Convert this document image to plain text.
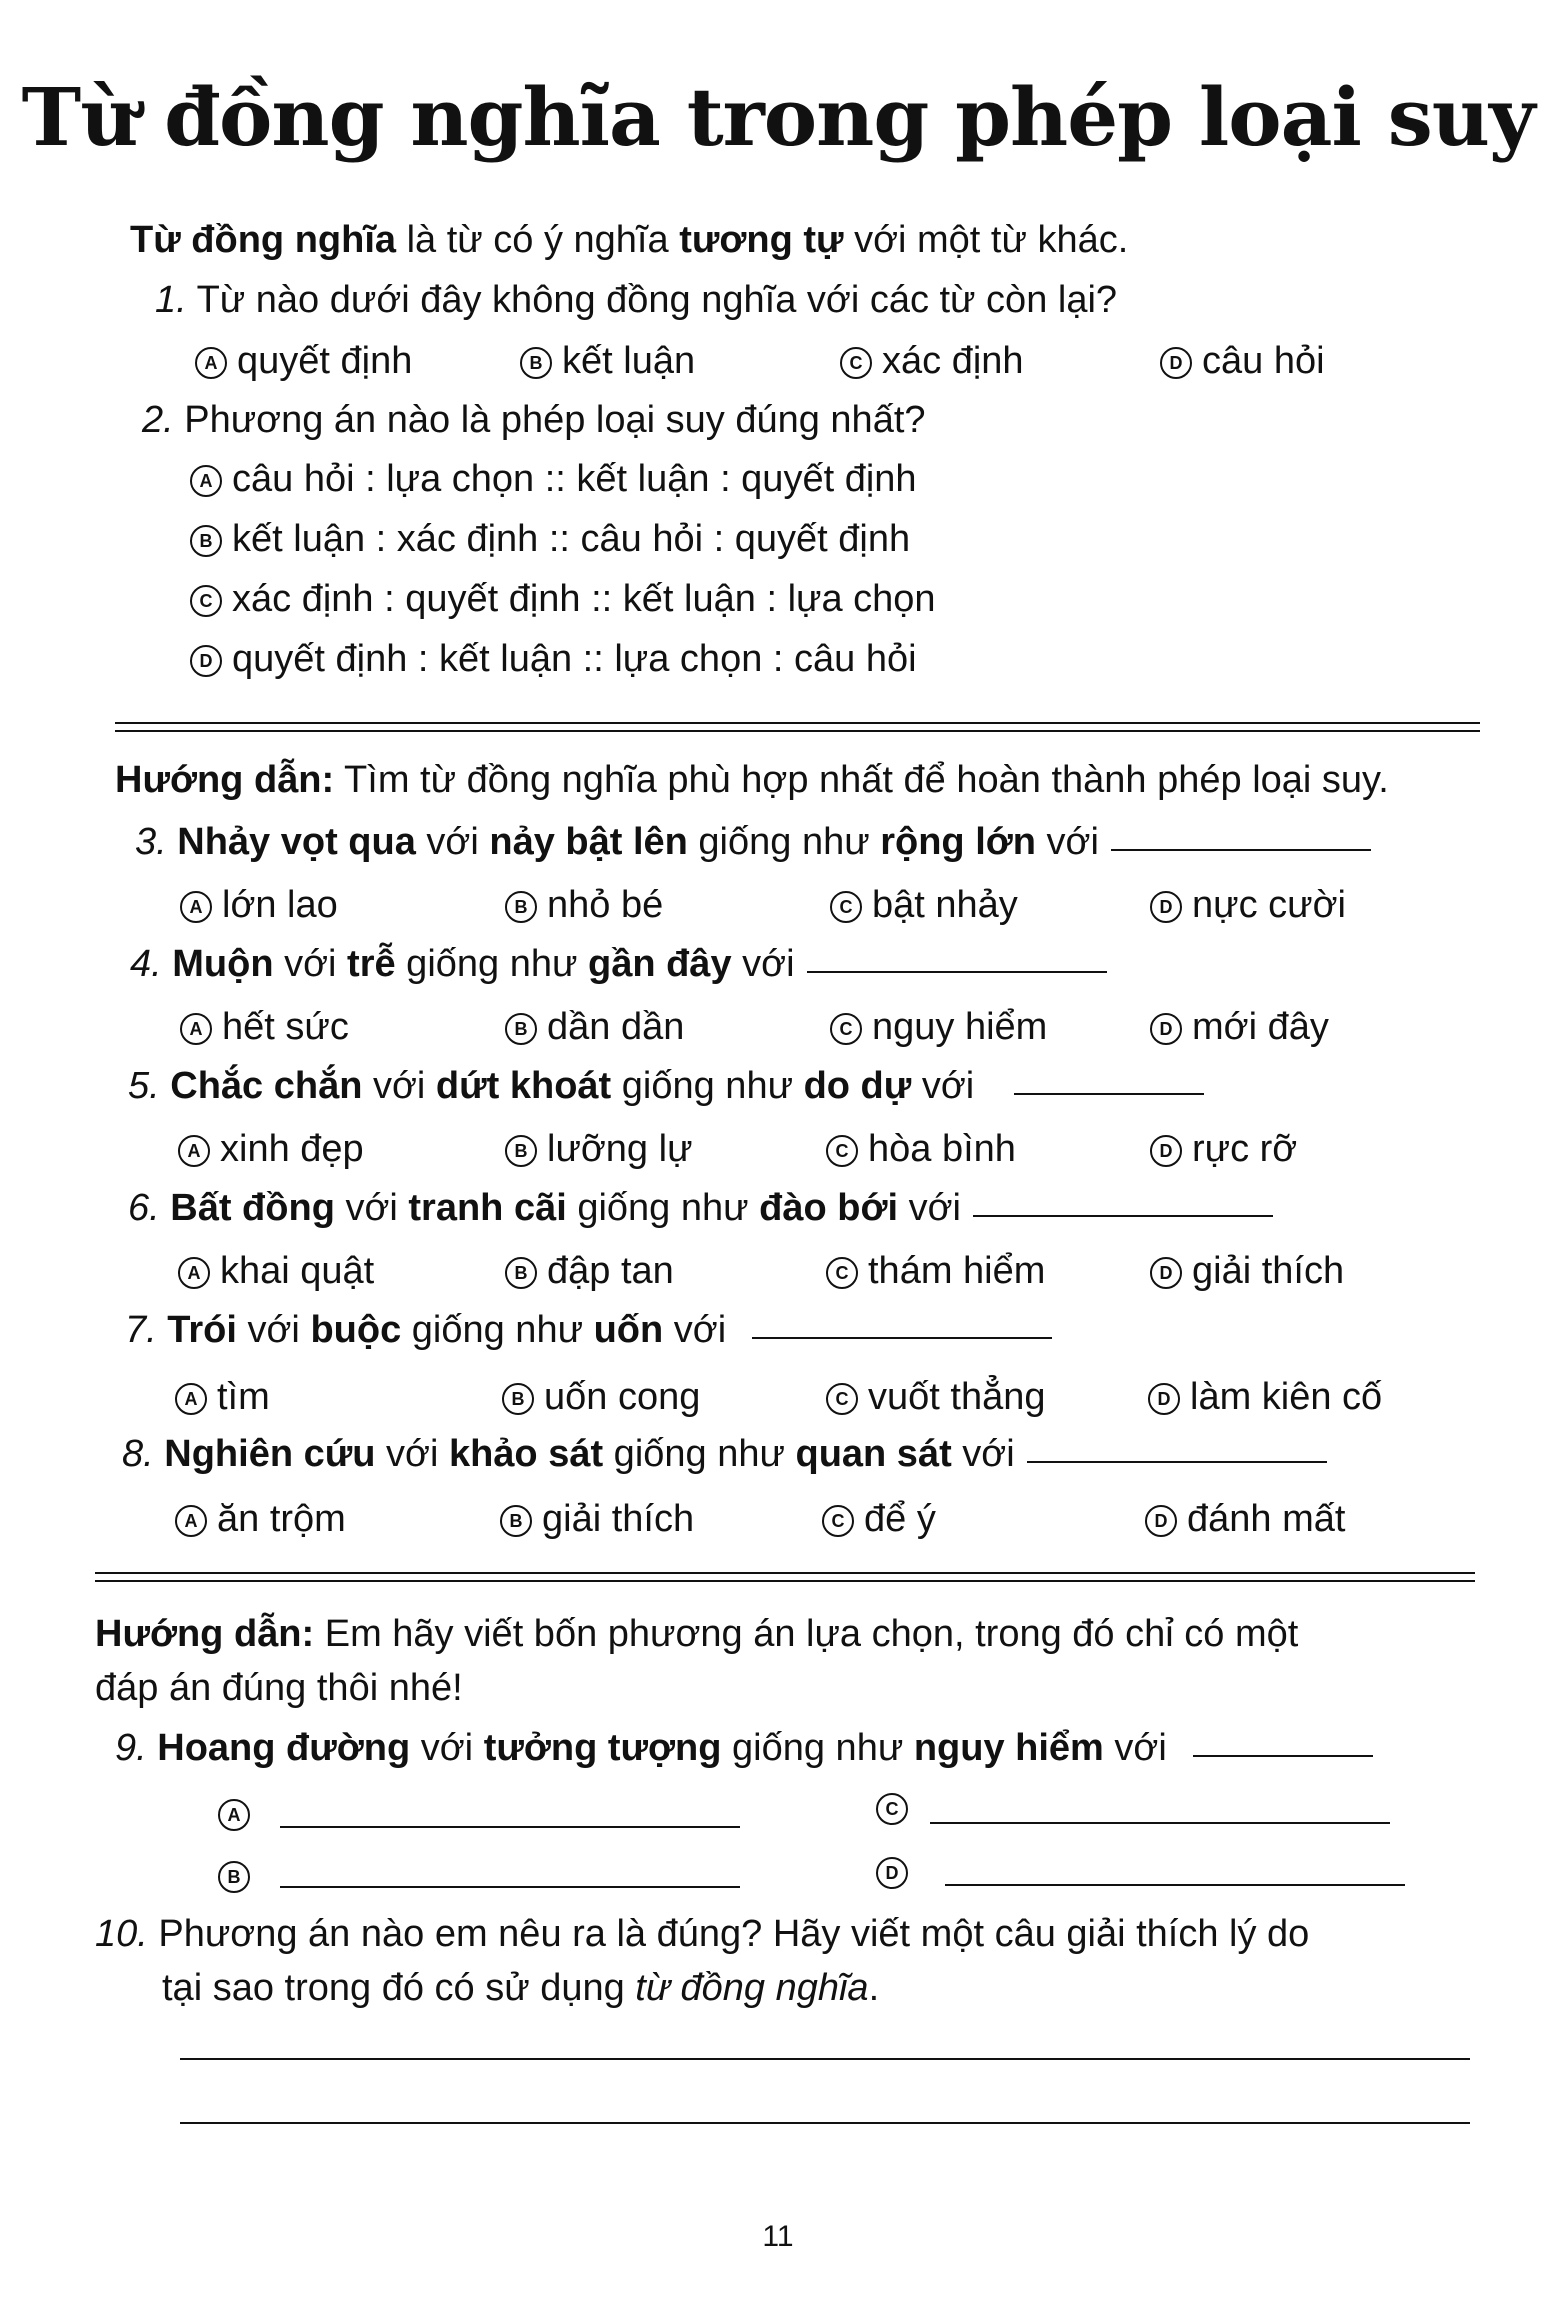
Từ đồng nghĩa trong phép loại suy
Từ đồng nghĩa là từ có ý nghĩa tương tự với một từ khác.
1. Từ nào dưới đây không đồng nghĩa với các từ còn lại?
A quyết định	B kết luận	C xác định	D câu hỏi
2. Phương án nào là phép loại suy đúng nhất?
A câu hỏi : lựa chọn :: kết luận : quyết định
B kết luận : xác định :: câu hỏi : quyết định
C xác định : quyết định :: kết luận : lựa chọn
D quyết định : kết luận :: lựa chọn : câu hỏi
Hướng dẫn: Tìm từ đồng nghĩa phù hợp nhất để hoàn thành phép loại suy.
3. Nhảy vọt qua với nảy bật lên giống như rộng lớn với
A lớn lao	B nhỏ bé	C bật nhảy	D nực cười
4. Muộn với trễ giống như gần đây với
A hết sức	B dần dần	C nguy hiểm	D mới đây
5. Chắc chắn với dứt khoát giống như do dự với
A xinh đẹp	B lưỡng lự	C hòa bình	D rực rỡ
6. Bất đồng với tranh cãi giống như đào bới với
A khai quật	B đập tan	C thám hiểm	D giải thích
7. Trói với buộc giống như uốn với
A tìm	B uốn cong	C vuốt thẳng	D làm kiên cố
8. Nghiên cứu với khảo sát giống như quan sát với
A ăn trộm	B giải thích	C để ý	D đánh mất
Hướng dẫn: Em hãy viết bốn phương án lựa chọn, trong đó chỉ có một
đáp án đúng thôi nhé!
9. Hoang đường với tưởng tượng giống như nguy hiểm với
A	C
B	D
10. Phương án nào em nêu ra là đúng? Hãy viết một câu giải thích lý do
tại sao trong đó có sử dụng từ đồng nghĩa.
11
